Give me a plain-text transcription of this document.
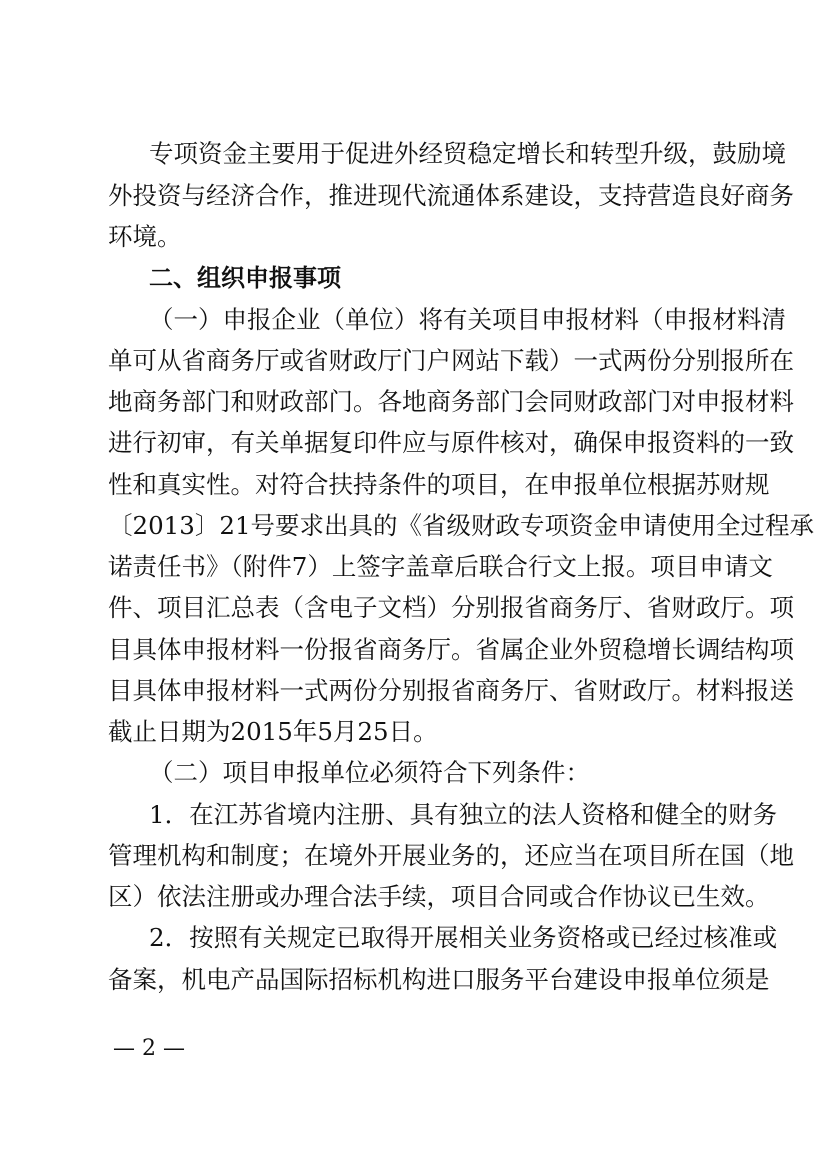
专项资金主要用于促进外经贸稳定增长和转型升级，鼓励境
外投资与经济合作，推进现代流通体系建设，支持营造良好商务
环境。
二、组织申报事项
（一）申报企业（单位）将有关项目申报材料（申报材料清
单可从省商务厅或省财政厅门户网站下载）一式两份分别报所在
地商务部门和财政部门。各地商务部门会同财政部门对申报材料
进行初审，有关单据复印件应与原件核对，确保申报资料的一致
性和真实性。对符合扶持条件的项目，在申报单位根据苏财规
〔2013〕21号要求出具的《省级财政专项资金申请使用全过程承
诺责任书》（附件7）上签字盖章后联合行文上报。项目申请文
件、项目汇总表（含电子文档）分别报省商务厅、省财政厅。项
目具体申报材料一份报省商务厅。省属企业外贸稳增长调结构项
目具体申报材料一式两份分别报省商务厅、省财政厅。材料报送
截止日期为2015年5月25日。
（二）项目申报单位必须符合下列条件：
1．在江苏省境内注册、具有独立的法人资格和健全的财务
管理机构和制度；在境外开展业务的，还应当在项目所在国（地
区）依法注册或办理合法手续，项目合同或合作协议已生效。
2．按照有关规定已取得开展相关业务资格或已经过核准或
备案，机电产品国际招标机构进口服务平台建设申报单位须是
— 2 —
